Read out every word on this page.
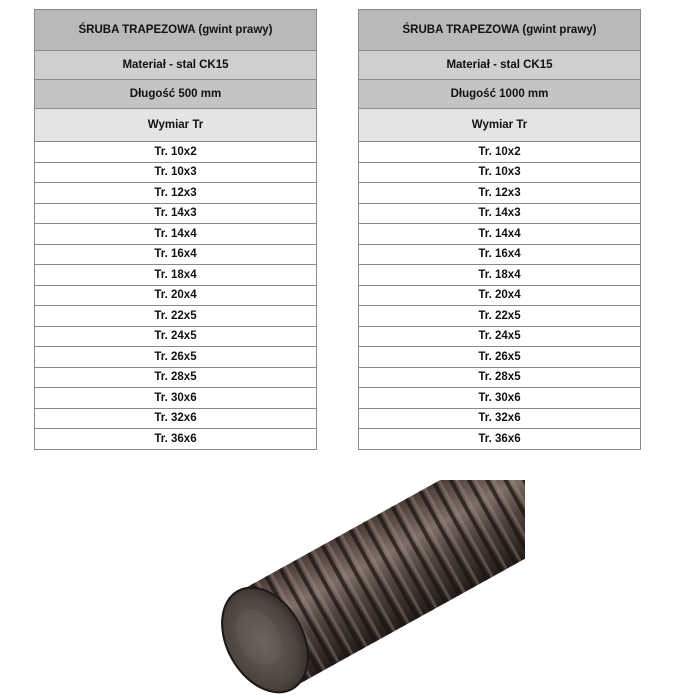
ŚRUBA TRAPEZOWA (gwint prawy)
Materiał - stal CK15
Długość 500 mm
Wymiar Tr
Tr. 10x2
Tr. 10x3
Tr. 12x3
Tr. 14x3
Tr. 14x4
Tr. 16x4
Tr. 18x4
Tr. 20x4
Tr. 22x5
Tr. 24x5
Tr. 26x5
Tr. 28x5
Tr. 30x6
Tr. 32x6
Tr. 36x6
ŚRUBA TRAPEZOWA (gwint prawy)
Materiał - stal CK15
Długość 1000 mm
Wymiar Tr
Tr. 10x2
Tr. 10x3
Tr. 12x3
Tr. 14x3
Tr. 14x4
Tr. 16x4
Tr. 18x4
Tr. 20x4
Tr. 22x5
Tr. 24x5
Tr. 26x5
Tr. 28x5
Tr. 30x6
Tr. 32x6
Tr. 36x6
